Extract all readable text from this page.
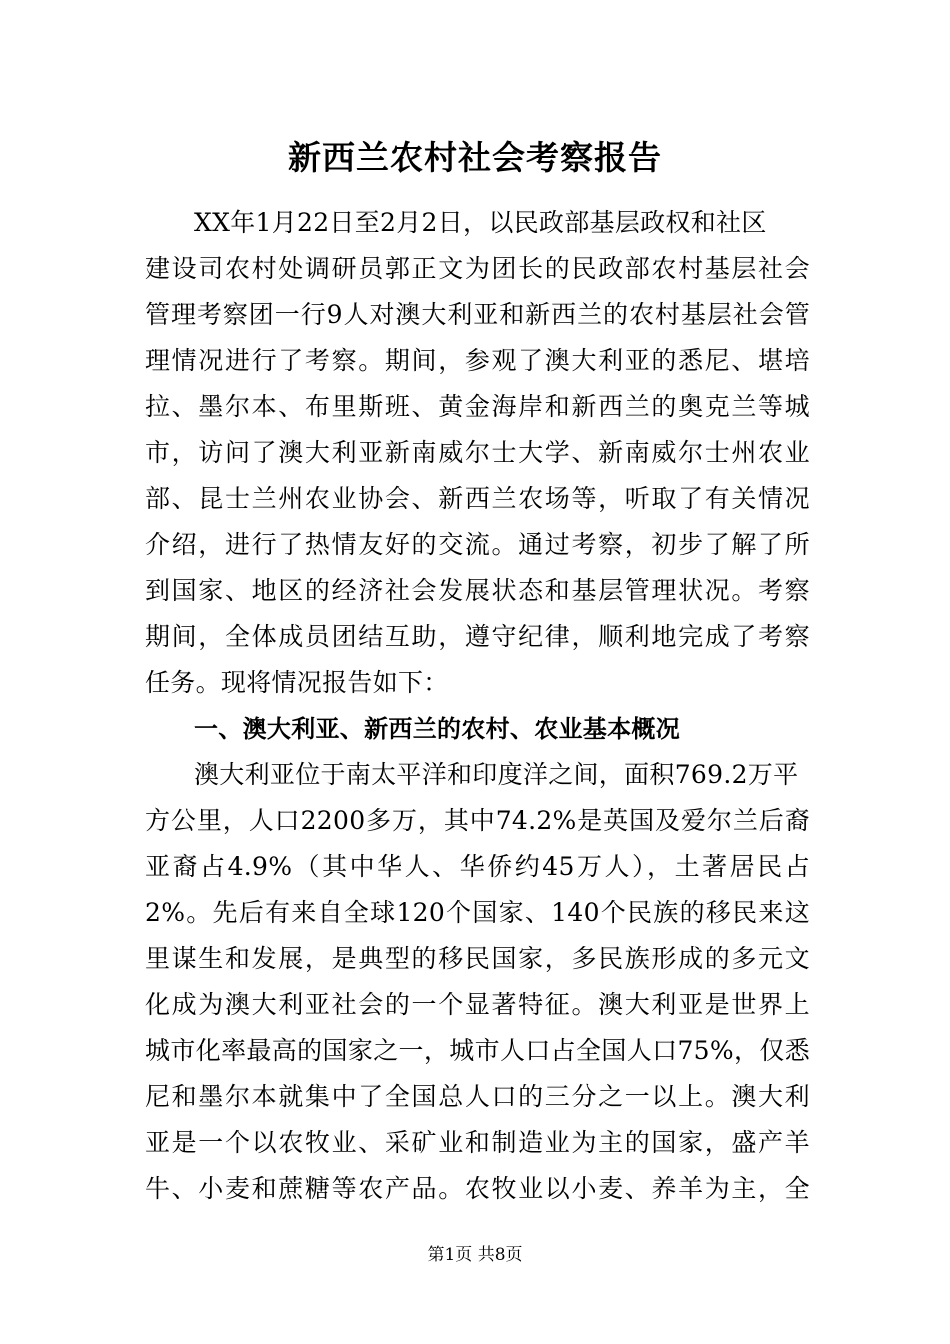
新西兰农村社会考察报告
XX年1月22日至2月2日，以民政部基层政权和社区
建设司农村处调研员郭正文为团长的民政部农村基层社会
管理考察团一行9人对澳大利亚和新西兰的农村基层社会管
理情况进行了考察。期间，参观了澳大利亚的悉尼、堪培
拉、墨尔本、布里斯班、黄金海岸和新西兰的奥克兰等城
市，访问了澳大利亚新南威尔士大学、新南威尔士州农业
部、昆士兰州农业协会、新西兰农场等，听取了有关情况
介绍，进行了热情友好的交流。通过考察，初步了解了所
到国家、地区的经济社会发展状态和基层管理状况。考察
期间，全体成员团结互助，遵守纪律，顺利地完成了考察
任务。现将情况报告如下：
一、澳大利亚、新西兰的农村、农业基本概况
澳大利亚位于南太平洋和印度洋之间，面积769.2万平
方公里，人口2200多万，其中74.2%是英国及爱尔兰后裔
亚裔占4.9%（其中华人、华侨约45万人），土著居民占
2%。先后有来自全球120个国家、140个民族的移民来这
里谋生和发展，是典型的移民国家，多民族形成的多元文
化成为澳大利亚社会的一个显著特征。澳大利亚是世界上
城市化率最高的国家之一，城市人口占全国人口75%，仅悉
尼和墨尔本就集中了全国总人口的三分之一以上。澳大利
亚是一个以农牧业、采矿业和制造业为主的国家，盛产羊
牛、小麦和蔗糖等农产品。农牧业以小麦、养羊为主，全
第1页 共8页
